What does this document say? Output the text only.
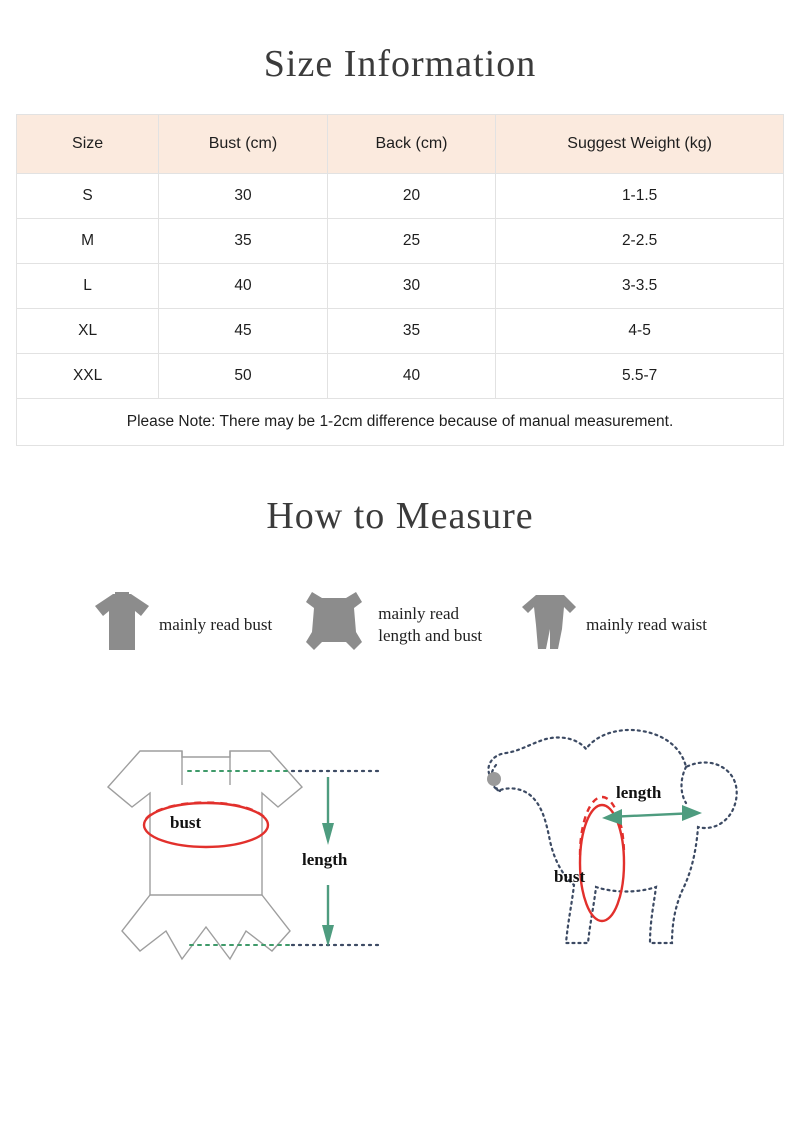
Size Information
Size	Bust (cm)	Back (cm)	Suggest Weight (kg)
S	30	20	1-1.5
M	35	25	2-2.5
L	40	30	3-3.5
XL	45	35	4-5
XXL	50	40	5.5-7
Please Note: There may be 1-2cm difference because of manual measurement.			
How to Measure
mainly read bust
mainly read
length and bust
mainly read waist
bust
length
bust
length
